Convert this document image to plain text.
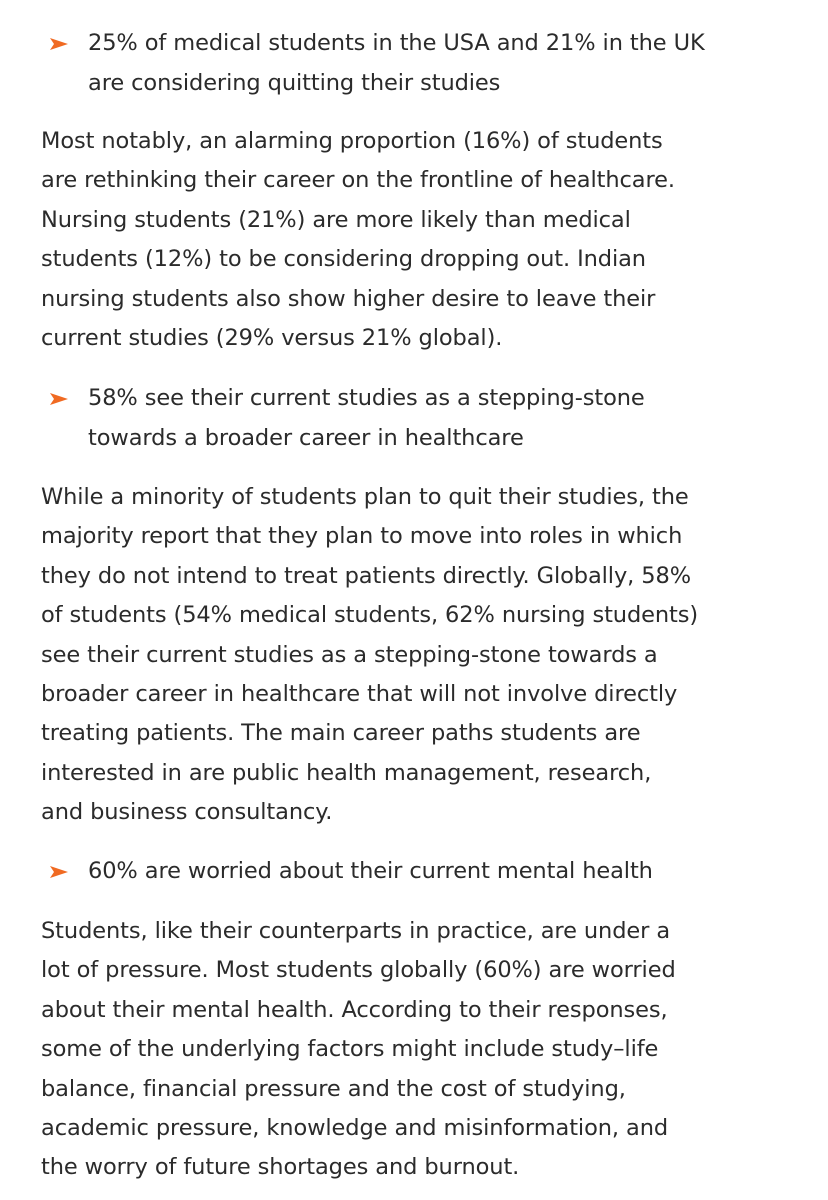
25% of medical students in the USA and 21% in the UK
are considering quitting their studies
Most notably, an alarming proportion (16%) of students
are rethinking their career on the frontline of healthcare.
Nursing students (21%) are more likely than medical
students (12%) to be considering dropping out. Indian
nursing students also show higher desire to leave their
current studies (29% versus 21% global).
58% see their current studies as a stepping-stone
towards a broader career in healthcare
While a minority of students plan to quit their studies, the
majority report that they plan to move into roles in which
they do not intend to treat patients directly. Globally, 58%
of students (54% medical students, 62% nursing students)
see their current studies as a stepping-stone towards a
broader career in healthcare that will not involve directly
treating patients. The main career paths students are
interested in are public health management, research,
and business consultancy.
60% are worried about their current mental health
Students, like their counterparts in practice, are under a
lot of pressure. Most students globally (60%) are worried
about their mental health. According to their responses,
some of the underlying factors might include study–life
balance, financial pressure and the cost of studying,
academic pressure, knowledge and misinformation, and
the worry of future shortages and burnout.
